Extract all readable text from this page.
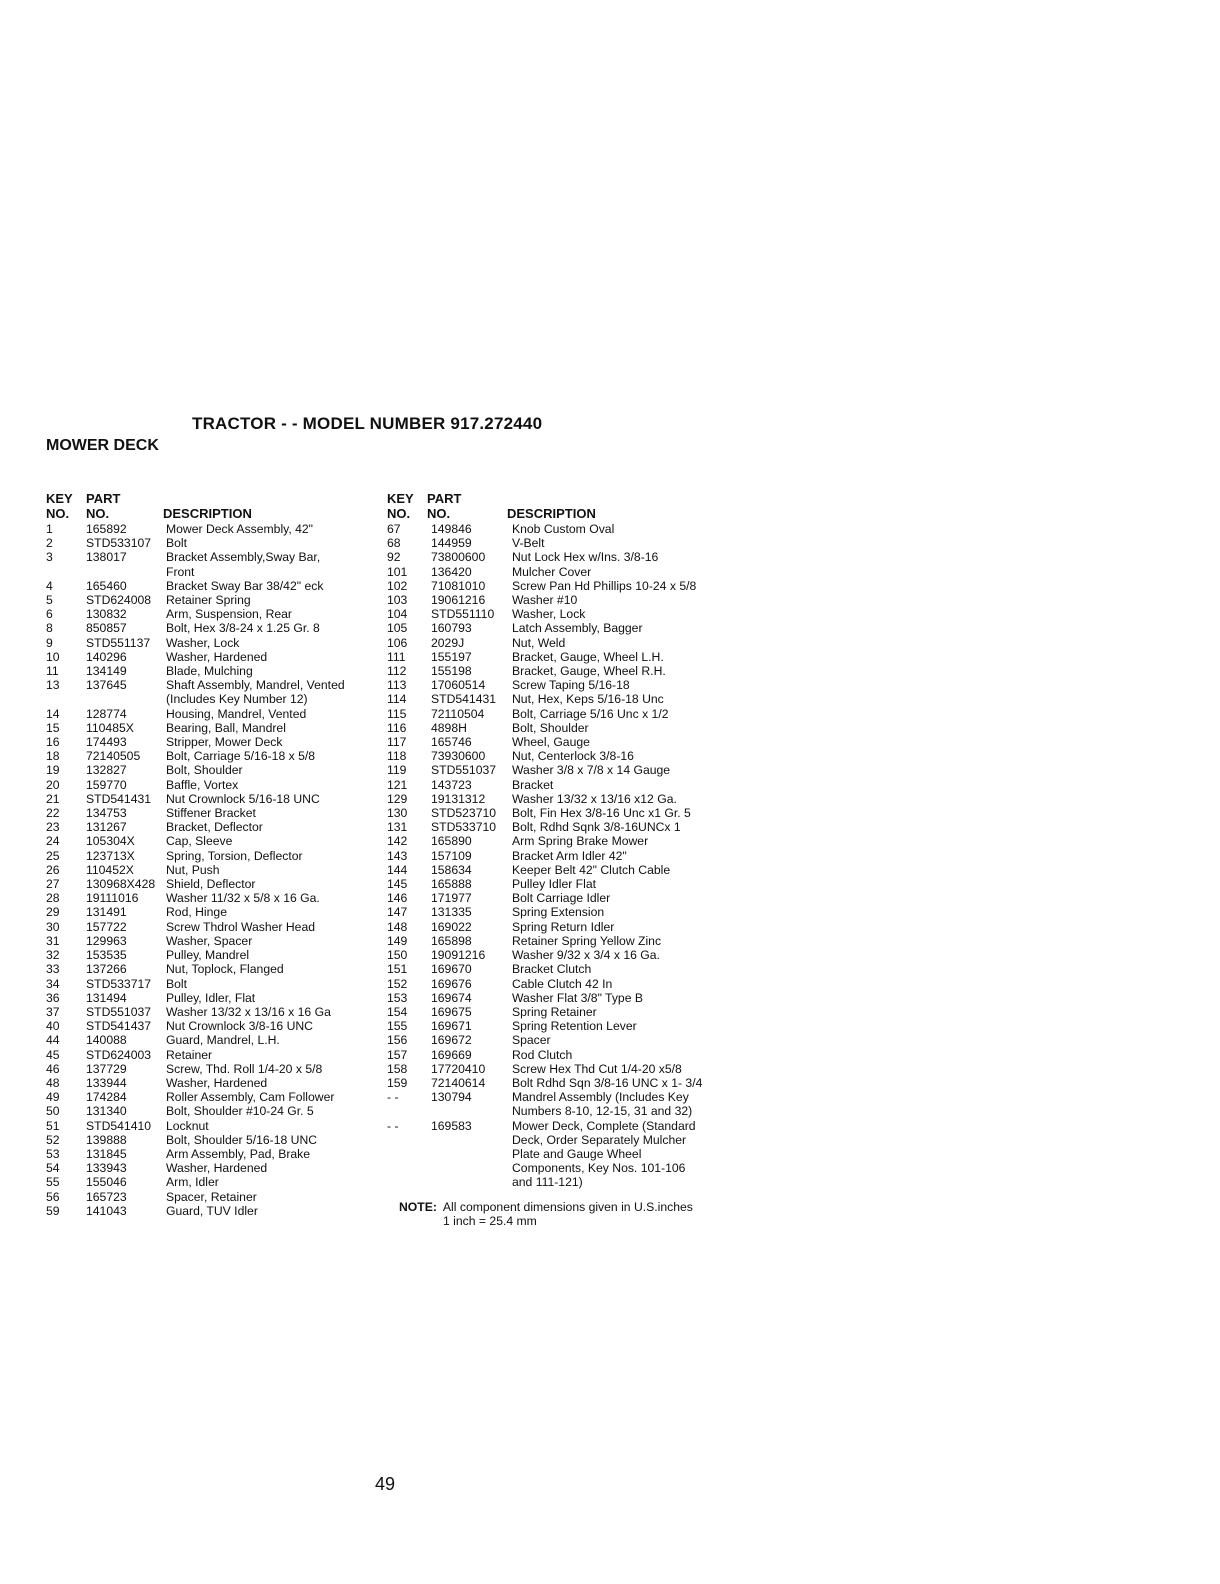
TRACTOR - - MODEL NUMBER 917.272440
MOWER DECK
KEY
NO.
PART
NO.	DESCRIPTION
1	165892	Mower Deck Assembly, 42"
2	STD533107 Bolt
3	138017	Bracket Assembly,Sway Bar,
Front
4	165460	Bracket Sway Bar 38/42" eck
5	STD624008 Retainer Spring
6	130832	Arm, Suspension, Rear
8	850857	Bolt, Hex 3/8-24 x 1.25 Gr. 8
9	STD551137 Washer, Lock
10 140296	Washer, Hardened
11 134149	Blade, Mulching
13 137645	Shaft Assembly, Mandrel, Vented
(Includes Key Number 12)
14 128774	Housing, Mandrel, Vented
15 110485X	Bearing, Ball, Mandrel
16 174493	Stripper, Mower Deck
18 72140505 Bolt, Carriage 5/16-18 x 5/8
19 132827	Bolt, Shoulder
20 159770	Baffle, Vortex
21 STD541431 Nut Crownlock 5/16-18 UNC
22 134753	Stiffener Bracket
23 131267	Bracket, Deflector
24 105304X	Cap, Sleeve
25 123713X	Spring, Torsion, Deflector
26 110452X	Nut, Push
27 130968X428 Shield, Deflector
28 19111016 Washer 11/32 x 5/8 x 16 Ga.
29 131491	Rod, Hinge
30 157722	Screw Thdrol Washer Head
31 129963	Washer, Spacer
32 153535	Pulley, Mandrel
33 137266	Nut, Toplock, Flanged
34 STD533717 Bolt
36 131494	Pulley, Idler, Flat
37 STD551037 Washer 13/32 x 13/16 x 16 Ga
40 STD541437 Nut Crownlock 3/8-16 UNC
44 140088	Guard, Mandrel, L.H.
45 STD624003 Retainer
46 137729	Screw, Thd. Roll 1/4-20 x 5/8
48 133944	Washer, Hardened
49 174284	Roller Assembly, Cam Follower
50 131340	Bolt, Shoulder #10-24 Gr. 5
51 STD541410 Locknut
52 139888	Bolt, Shoulder 5/16-18 UNC
53 131845	Arm Assembly, Pad, Brake
54 133943	Washer, Hardened
55 155046	Arm, Idler
56 165723	Spacer, Retainer
59 141043	Guard, TUV Idler
KEY
NO.
PART
NO.	DESCRIPTION
67 149846	Knob Custom Oval
68 144959	V-Belt
92 73800600 Nut Lock Hex w/Ins. 3/8-16
101 136420	Mulcher Cover
102 71081010 Screw Pan Hd Phillips 10-24 x 5/8
103 19061216 Washer #10
104 STD551110 Washer, Lock
105 160793	Latch Assembly, Bagger
106 2029J	Nut, Weld
111 155197	Bracket, Gauge, Wheel L.H.
112 155198	Bracket, Gauge, Wheel R.H.
113 17060514 Screw Taping 5/16-18
114 STD541431 Nut, Hex, Keps 5/16-18 Unc
115 72110504 Bolt, Carriage 5/16 Unc x 1/2
116 4898H	Bolt, Shoulder
117 165746	Wheel, Gauge
118 73930600 Nut, Centerlock 3/8-16
119 STD551037 Washer 3/8 x 7/8 x 14 Gauge
121 143723	Bracket
129 19131312 Washer 13/32 x 13/16 x12 Ga.
130 STD523710 Bolt, Fin Hex 3/8-16 Unc x1 Gr. 5
131 STD533710 Bolt, Rdhd Sqnk 3/8-16UNCx 1
142 165890	Arm Spring Brake Mower
143 157109	Bracket Arm Idler 42"
144 158634	Keeper Belt 42" Clutch Cable
145 165888	Pulley Idler Flat
146 171977	Bolt Carriage Idler
147 131335	Spring Extension
148 169022	Spring Return Idler
149 165898	Retainer Spring Yellow Zinc
150 19091216 Washer 9/32 x 3/4 x 16 Ga.
151 169670	Bracket Clutch
152 169676	Cable Clutch 42 In
153 169674	Washer Flat 3/8" Type B
154 169675	Spring Retainer
155 169671	Spring Retention Lever
156 169672	Spacer
157 169669	Rod Clutch
158 17720410 Screw Hex Thd Cut 1/4-20 x5/8
159 72140614 Bolt Rdhd Sqn 3/8-16 UNC x 1- 3/4
- -	130794	Mandrel Assembly (Includes Key
Numbers 8-10, 12-15, 31 and 32)
- -	169583	Mower Deck, Complete (Standard
Deck, Order Separately Mulcher
Plate and Gauge Wheel
Components, Key Nos. 101-106
and 111-121)
NOTE: All component dimensions given in U.S.inches
1 inch = 25.4 mm
49
